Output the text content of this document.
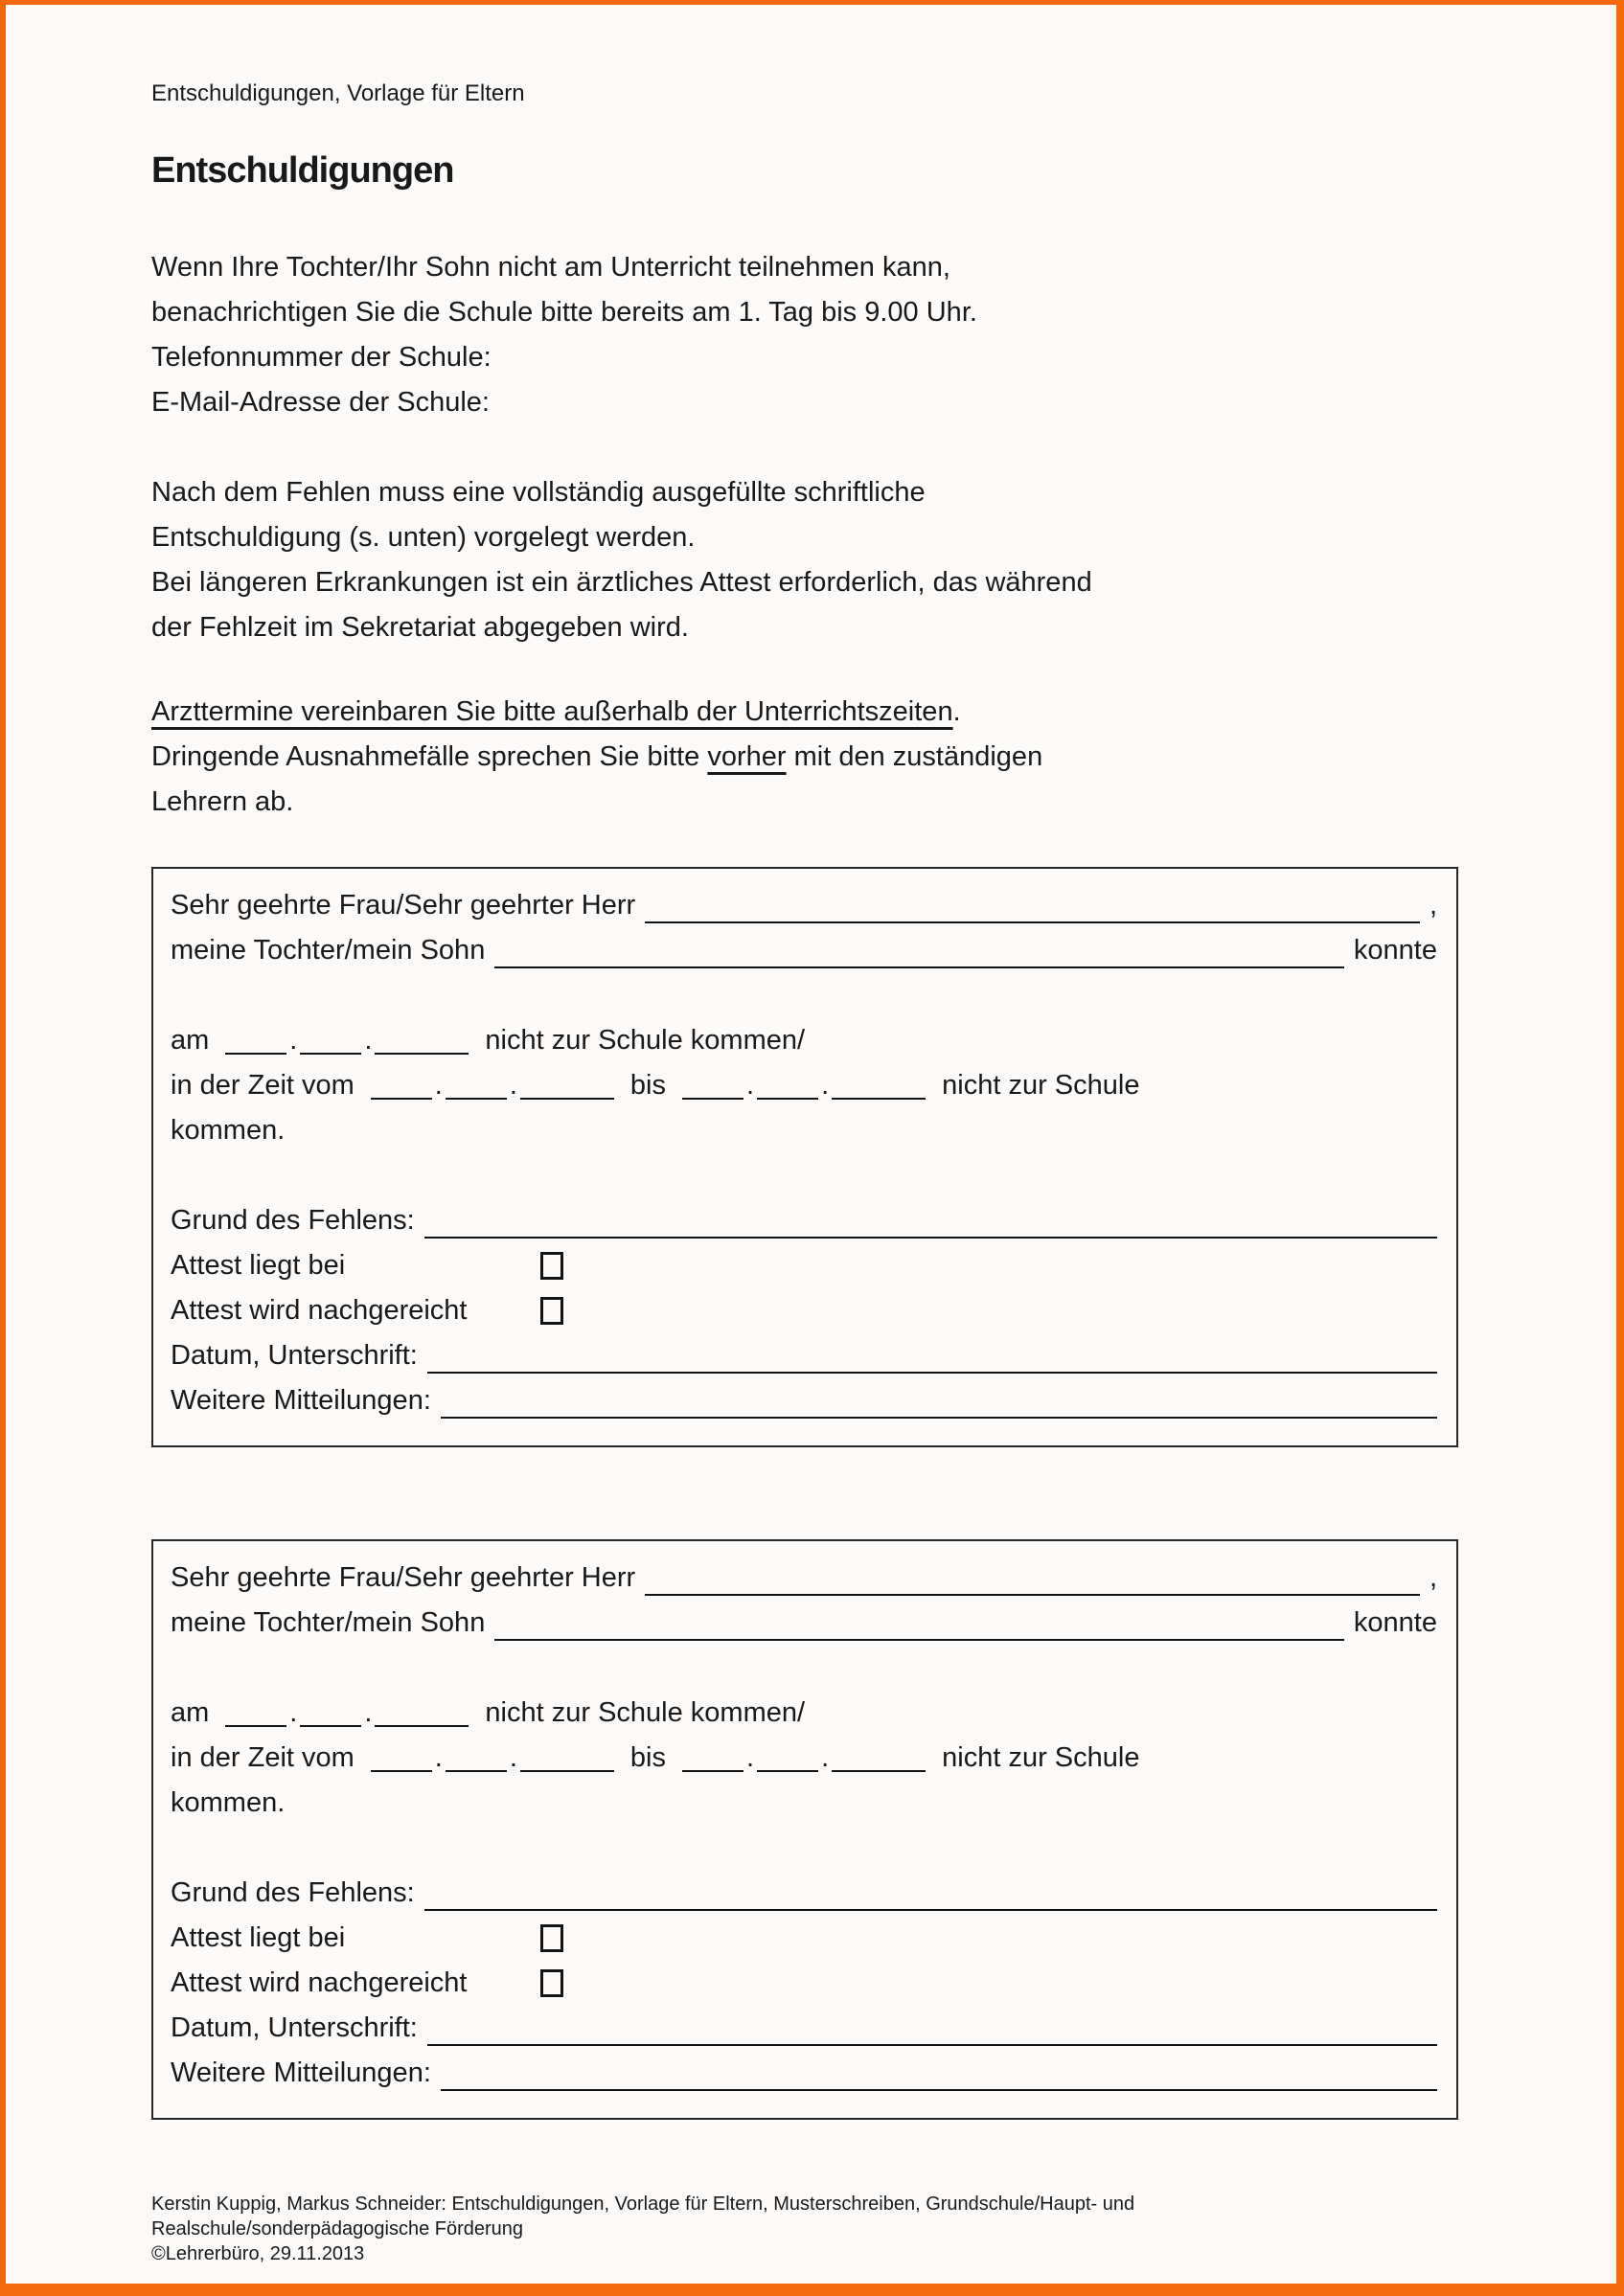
Entschuldigungen, Vorlage für Eltern
Entschuldigungen
Wenn Ihre Tochter/Ihr Sohn nicht am Unterricht teilnehmen kann,
benachrichtigen Sie die Schule bitte bereits am 1. Tag bis 9.00 Uhr.
Telefonnummer der Schule:
E-Mail-Adresse der Schule:
Nach dem Fehlen muss eine vollständig ausgefüllte schriftliche
Entschuldigung (s. unten) vorgelegt werden.
Bei längeren Erkrankungen ist ein ärztliches Attest erforderlich, das während
der Fehlzeit im Sekretariat abgegeben wird.
Arzttermine vereinbaren Sie bitte außerhalb der Unterrichtszeiten.
Dringende Ausnahmefälle sprechen Sie bitte vorher mit den zuständigen
Lehrern ab.
Sehr geehrte Frau/Sehr geehrter Herr	,
meine Tochter/mein Sohn	konnte
am	. .	nicht zur Schule kommen/
in der Zeit vom	. .	bis	. .	nicht zur Schule
kommen.
Grund des Fehlens:
Attest liegt bei
Attest wird nachgereicht
Datum, Unterschrift:
Weitere Mitteilungen:
Sehr geehrte Frau/Sehr geehrter Herr	,
meine Tochter/mein Sohn	konnte
am	. .	nicht zur Schule kommen/
in der Zeit vom	. .	bis	. .	nicht zur Schule
kommen.
Grund des Fehlens:
Attest liegt bei
Attest wird nachgereicht
Datum, Unterschrift:
Weitere Mitteilungen:
Kerstin Kuppig, Markus Schneider: Entschuldigungen, Vorlage für Eltern, Musterschreiben, Grundschule/Haupt- und
Realschule/sonderpädagogische Förderung
©Lehrerbüro, 29.11.2013
